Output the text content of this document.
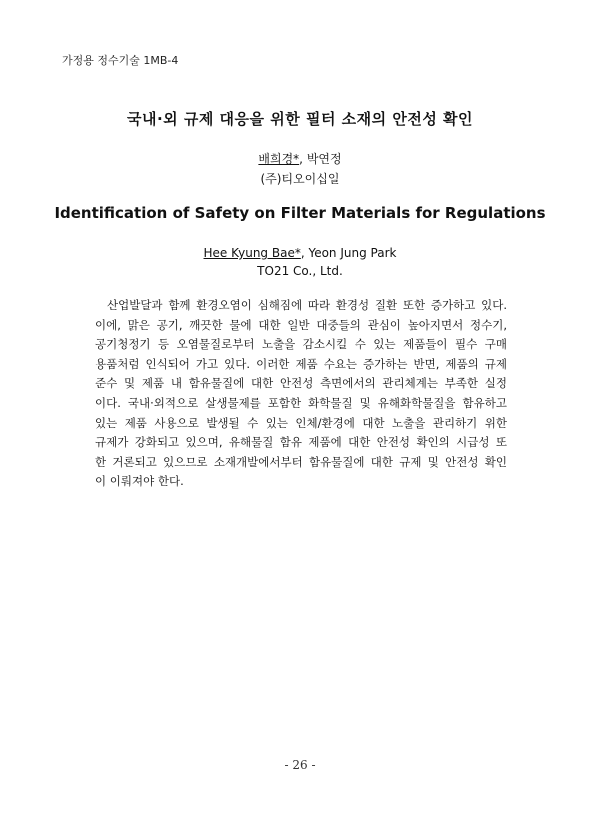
가정용 정수기술 1MB-4
국내·외 규제 대응을 위한 필터 소재의 안전성 확인
배희경*, 박연정
(주)티오이십일
Identification of Safety on Filter Materials for Regulations
Hee Kyung Bae*, Yeon Jung Park
TO21 Co., Ltd.
산업발달과 함께 환경오염이 심해짐에 따라 환경성 질환 또한 증가하고 있다.
이에, 맑은 공기, 깨끗한 물에 대한 일반 대중들의 관심이 높아지면서 정수기,
공기청정기 등 오염물질로부터 노출을 감소시킬 수 있는 제품들이 필수 구매
용품처럼 인식되어 가고 있다. 이러한 제품 수요는 증가하는 반면, 제품의 규제
준수 및 제품 내 함유물질에 대한 안전성 측면에서의 관리체계는 부족한 실정
이다. 국내·외적으로 살생물제를 포함한 화학물질 및 유해화학물질을 함유하고
있는 제품 사용으로 발생될 수 있는 인체/환경에 대한 노출을 관리하기 위한
규제가 강화되고 있으며, 유해물질 함유 제품에 대한 안전성 확인의 시급성 또
한 거론되고 있으므로 소재개발에서부터 함유물질에 대한 규제 및 안전성 확인
이 이뤄져야 한다.
- 26 -
